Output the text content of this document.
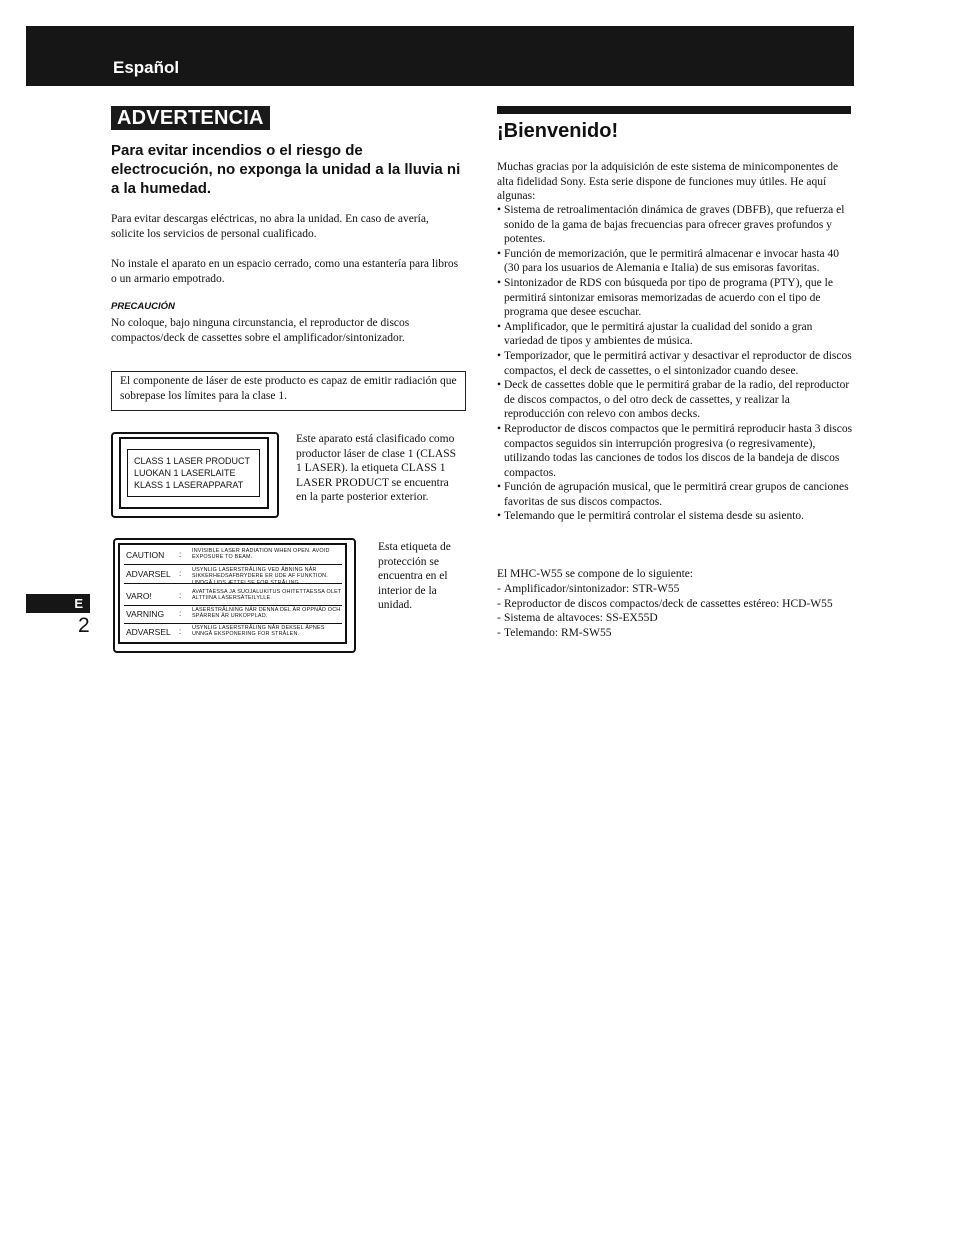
Español
ADVERTENCIA
Para evitar incendios o el riesgo de electrocución, no exponga la unidad a la lluvia ni a la humedad.
Para evitar descargas eléctricas, no abra la unidad. En caso de avería, solicite los servicios de personal cualificado.
No instale el aparato en un espacio cerrado, como una estantería para libros o un armario empotrado.
PRECAUCIÓN
No coloque, bajo ninguna circunstancia, el reproductor de discos compactos/deck de cassettes sobre el amplificador/sintonizador.
El componente de láser de este producto es capaz de emitir radiación que sobrepase los límites para la clase 1.
CLASS 1 LASER PRODUCT
LUOKAN 1 LASERLAITE
KLASS 1 LASERAPPARAT
Este aparato está clasificado como productor láser de clase 1 (CLASS 1 LASER). la etiqueta CLASS 1 LASER PRODUCT se encuentra en la parte posterior exterior.
CAUTION : INVISIBLE LASER RADIATION WHEN OPEN. AVOID EXPOSURE TO BEAM.
ADVARSEL : USYNLIG LASERSTRÅLING VED ÅBNING NÅR SIKKERHEDSAFBRYDERE ER UDE AF FUNKTION. UNDGÅ UDS ÆTTELSE FOR STRÅLING.
VARO!	: AVATTAESSA JA SUOJALUKITUS OHITETTAESSA OLET ALTTIINA LASERSÄTEILYLLE.
VARNING : LASERSTRÅLNING NÄR DENNA DEL ÄR OPPNÄD OCH SPÄRREN ÄR URKOPPLAD.
ADVARSEL : USYNLIG LASERSTRÅLING NÅR DEKSEL ÅPNES UNNGÅ EKSPONERING FOR STRÅLEN.
Esta etiqueta de protección se encuentra en el interior de la unidad.
E
2
¡Bienvenido!
Muchas gracias por la adquisición de este sistema de minicomponentes de alta fidelidad Sony. Esta serie dispone de funciones muy útiles. He aquí algunas:
• Sistema de retroalimentación dinámica de graves (DBFB), que refuerza el sonido de la gama de bajas frecuencias para ofrecer graves profundos y potentes.
• Función de memorización, que le permitirá almacenar e invocar hasta 40 (30 para los usuarios de Alemania e Italia) de sus emisoras favoritas.
• Sintonizador de RDS con búsqueda por tipo de programa (PTY), que le permitirá sintonizar emisoras memorizadas de acuerdo con el tipo de programa que desee escuchar.
• Amplificador, que le permitirá ajustar la cualidad del sonido a gran variedad de tipos y ambientes de música.
• Temporizador, que le permitirá activar y desactivar el reproductor de discos compactos, el deck de cassettes, o el sintonizador cuando desee.
• Deck de cassettes doble que le permitirá grabar de la radio, del reproductor de discos compactos, o del otro deck de cassettes, y realizar la reproducción con relevo con ambos decks.
• Reproductor de discos compactos que le permitirá reproducir hasta 3 discos compactos seguidos sin interrupción progresiva (o regresivamente), utilizando todas las canciones de todos los discos de la bandeja de discos compactos.
• Función de agrupación musical, que le permitirá crear grupos de canciones favoritas de sus discos compactos.
• Telemando que le permitirá controlar el sistema desde su asiento.
El MHC-W55 se compone de lo siguiente:
- Amplificador/sintonizador: STR-W55
- Reproductor de discos compactos/deck de cassettes estéreo: HCD-W55
- Sistema de altavoces: SS-EX55D
- Telemando: RM-SW55
